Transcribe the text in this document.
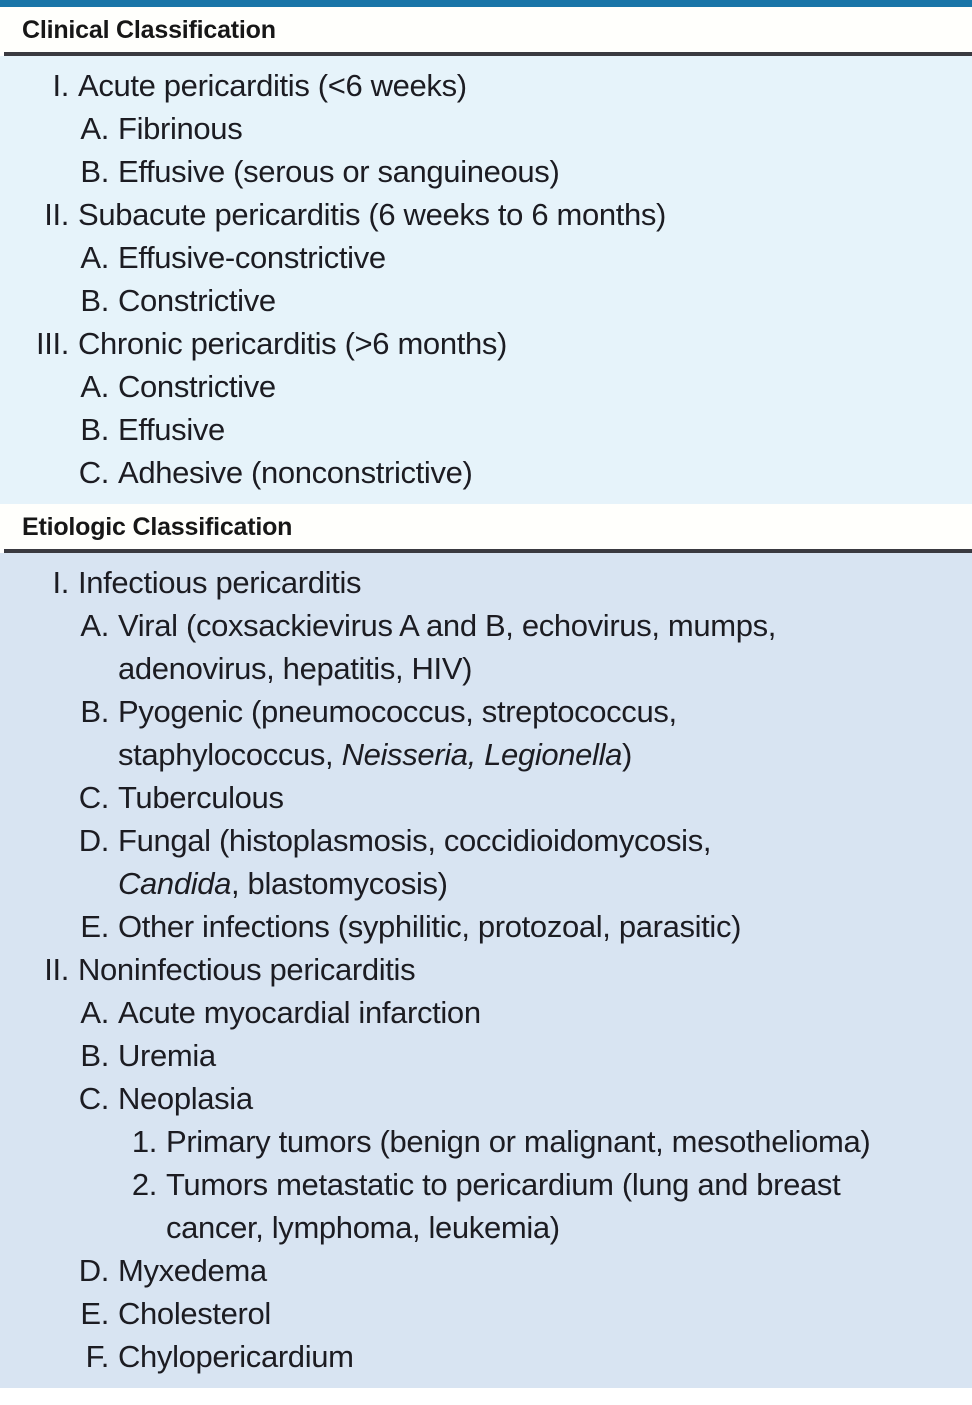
Clinical Classification
I. Acute pericarditis (<6 weeks)
A. Fibrinous
B. Effusive (serous or sanguineous)
II. Subacute pericarditis (6 weeks to 6 months)
A. Effusive-constrictive
B. Constrictive
III. Chronic pericarditis (>6 months)
A. Constrictive
B. Effusive
C. Adhesive (nonconstrictive)
Etiologic Classification
I. Infectious pericarditis
A. Viral (coxsackievirus A and B, echovirus, mumps,
adenovirus, hepatitis, HIV)
B. Pyogenic (pneumococcus, streptococcus,
staphylococcus, Neisseria, Legionella)
C. Tuberculous
D. Fungal (histoplasmosis, coccidioidomycosis,
Candida, blastomycosis)
E. Other infections (syphilitic, protozoal, parasitic)
II. Noninfectious pericarditis
A. Acute myocardial infarction
B. Uremia
C. Neoplasia
1. Primary tumors (benign or malignant, mesothelioma)
2. Tumors metastatic to pericardium (lung and breast
cancer, lymphoma, leukemia)
D. Myxedema
E. Cholesterol
F. Chylopericardium
